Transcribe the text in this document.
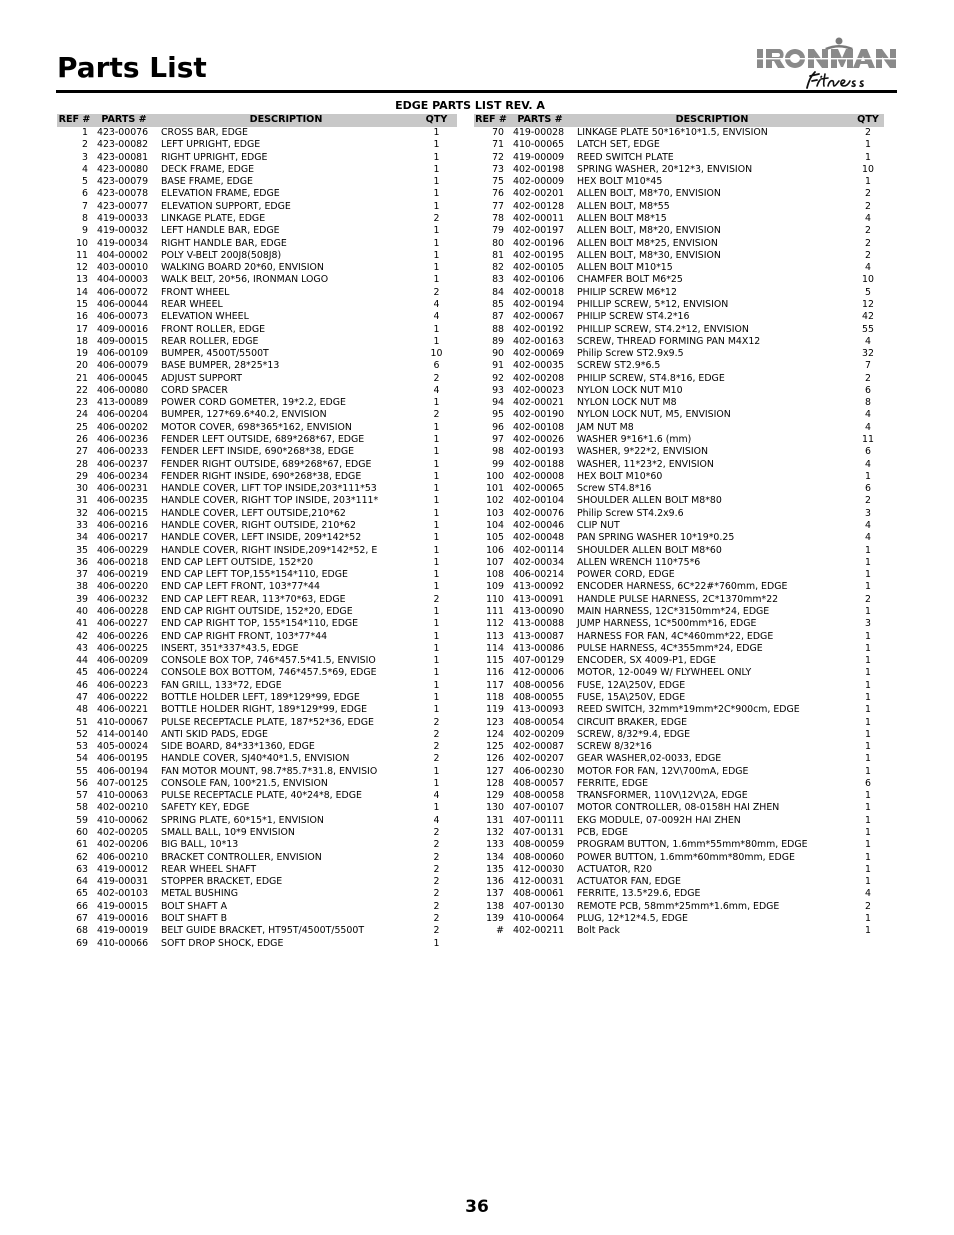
Parts List
IRONMAN Fitness
EDGE PARTS LIST REV. A
REF #	PARTS #	DESCRIPTION	QTY
1	423-00076	CROSS BAR, EDGE	1
2	423-00082	LEFT UPRIGHT, EDGE	1
3	423-00081	RIGHT UPRIGHT, EDGE	1
4	423-00080	DECK FRAME, EDGE	1
5	423-00079	BASE FRAME, EDGE	1
6	423-00078	ELEVATION FRAME, EDGE	1
7	423-00077	ELEVATION SUPPORT, EDGE	1
8	419-00033	LINKAGE PLATE, EDGE	2
9	419-00032	LEFT HANDLE BAR, EDGE	1
10	419-00034	RIGHT HANDLE BAR, EDGE	1
11	404-00002	POLY V-BELT 200J8(508J8)	1
12	403-00010	WALKING BOARD 20*60, ENVISION	1
13	404-00003	WALK BELT, 20*56, IRONMAN LOGO	1
14	406-00072	FRONT WHEEL	2
15	406-00044	REAR WHEEL	4
16	406-00073	ELEVATION WHEEL	4
17	409-00016	FRONT ROLLER, EDGE	1
18	409-00015	REAR ROLLER, EDGE	1
19	406-00109	BUMPER, 4500T/5500T	10
20	406-00079	BASE BUMPER, 28*25*13	6
21	406-00045	ADJUST SUPPORT	2
22	406-00080	CORD SPACER	4
23	413-00089	POWER CORD GOMETER, 19*2.2, EDGE	1
24	406-00204	BUMPER, 127*69.6*40.2, ENVISION	2
25	406-00202	MOTOR COVER, 698*365*162, ENVISION	1
26	406-00236	FENDER LEFT OUTSIDE, 689*268*67, EDGE	1
27	406-00233	FENDER LEFT INSIDE, 690*268*38, EDGE	1
28	406-00237	FENDER RIGHT OUTSIDE, 689*268*67, EDGE	1
29	406-00234	FENDER RIGHT INSIDE, 690*268*38, EDGE	1
30	406-00231	HANDLE COVER, LIFT TOP INSIDE,203*111*53	1
31	406-00235	HANDLE COVER, RIGHT TOP INSIDE, 203*111*	1
32	406-00215	HANDLE COVER, LEFT OUTSIDE,210*62	1
33	406-00216	HANDLE COVER, RIGHT OUTSIDE, 210*62	1
34	406-00217	HANDLE COVER, LEFT INSIDE, 209*142*52	1
35	406-00229	HANDLE COVER, RIGHT INSIDE,209*142*52, E	1
36	406-00218	END CAP LEFT OUTSIDE, 152*20	1
37	406-00219	END CAP LEFT TOP,155*154*110, EDGE	1
38	406-00220	END CAP LEFT FRONT, 103*77*44	1
39	406-00232	END CAP LEFT REAR, 113*70*63, EDGE	2
40	406-00228	END CAP RIGHT OUTSIDE, 152*20, EDGE	1
41	406-00227	END CAP RIGHT TOP, 155*154*110, EDGE	1
42	406-00226	END CAP RIGHT FRONT, 103*77*44	1
43	406-00225	INSERT, 351*337*43.5, EDGE	1
44	406-00209	CONSOLE BOX TOP, 746*457.5*41.5, ENVISIO	1
45	406-00224	CONSOLE BOX BOTTOM, 746*457.5*69, EDGE	1
46	406-00223	FAN GRILL, 133*72, EDGE	1
47	406-00222	BOTTLE HOLDER LEFT, 189*129*99, EDGE	1
48	406-00221	BOTTLE HOLDER RIGHT, 189*129*99, EDGE	1
51	410-00067	PULSE RECEPTACLE PLATE, 187*52*36, EDGE	2
52	414-00140	ANTI SKID PADS, EDGE	2
53	405-00024	SIDE BOARD, 84*33*1360, EDGE	2
54	406-00195	HANDLE COVER, SJ40*40*1.5, ENVISION	2
55	406-00194	FAN MOTOR MOUNT, 98.7*85.7*31.8, ENVISIO	1
56	407-00125	CONSOLE FAN, 100*21.5, ENVISION	1
57	410-00063	PULSE RECEPTACLE PLATE, 40*24*8, EDGE	4
58	402-00210	SAFETY KEY, EDGE	1
59	410-00062	SPRING PLATE, 60*15*1, ENVISION	4
60	402-00205	SMALL BALL, 10*9 ENVISION	2
61	402-00206	BIG BALL, 10*13	2
62	406-00210	BRACKET CONTROLLER, ENVISION	2
63	419-00012	REAR WHEEL SHAFT	2
64	419-00031	STOPPER BRACKET, EDGE	2
65	402-00103	METAL BUSHING	2
66	419-00015	BOLT SHAFT A	2
67	419-00016	BOLT SHAFT B	2
68	419-00019	BELT GUIDE BRACKET, HT95T/4500T/5500T	2
69	410-00066	SOFT DROP SHOCK, EDGE	1
REF #	PARTS #	DESCRIPTION	QTY
70	419-00028	LINKAGE PLATE 50*16*10*1.5, ENVISION	2
71	410-00065	LATCH SET, EDGE	1
72	419-00009	REED SWITCH PLATE	1
73	402-00198	SPRING WASHER, 20*12*3, ENVISION	10
75	402-00009	HEX BOLT M10*45	1
76	402-00201	ALLEN BOLT, M8*70, ENVISION	2
77	402-00128	ALLEN BOLT, M8*55	2
78	402-00011	ALLEN BOLT M8*15	4
79	402-00197	ALLEN BOLT, M8*20, ENVISION	2
80	402-00196	ALLEN BOLT M8*25, ENVISION	2
81	402-00195	ALLEN BOLT, M8*30, ENVISION	2
82	402-00105	ALLEN BOLT M10*15	4
83	402-00106	CHAMFER BOLT M6*25	10
84	402-00018	PHILIP SCREW M6*12	5
85	402-00194	PHILLIP SCREW, 5*12, ENVISION	12
87	402-00067	PHILIP SCREW ST4.2*16	42
88	402-00192	PHILLIP SCREW, ST4.2*12, ENVISION	55
89	402-00163	SCREW, THREAD FORMING PAN M4X12	4
90	402-00069	Philip Screw ST2.9x9.5	32
91	402-00035	SCREW ST2.9*6.5	7
92	402-00208	PHILIP SCREW, ST4.8*16, EDGE	2
93	402-00023	NYLON LOCK NUT M10	6
94	402-00021	NYLON LOCK NUT M8	8
95	402-00190	NYLON LOCK NUT, M5, ENVISION	4
96	402-00108	JAM NUT M8	4
97	402-00026	WASHER 9*16*1.6 (mm)	11
98	402-00193	WASHER, 9*22*2, ENVISION	6
99	402-00188	WASHER, 11*23*2, ENVISION	4
100	402-00008	HEX BOLT M10*60	1
101	402-00065	Screw ST4.8*16	6
102	402-00104	SHOULDER ALLEN BOLT M8*80	2
103	402-00076	Philip Screw ST4.2x9.6	3
104	402-00046	CLIP NUT	4
105	402-00048	PAN SPRING WASHER 10*19*0.25	4
106	402-00114	SHOULDER ALLEN BOLT M8*60	1
107	402-00034	ALLEN WRENCH 110*75*6	1
108	406-00214	POWER CORD, EDGE	1
109	413-00092	ENCODER HARNESS, 6C*22#*760mm, EDGE	1
110	413-00091	HANDLE PULSE HARNESS, 2C*1370mm*22	2
111	413-00090	MAIN HARNESS, 12C*3150mm*24, EDGE	1
112	413-00088	JUMP HARNESS, 1C*500mm*16, EDGE	3
113	413-00087	HARNESS FOR FAN, 4C*460mm*22, EDGE	1
114	413-00086	PULSE HARNESS, 4C*355mm*24, EDGE	1
115	407-00129	ENCODER, SX 4009-P1, EDGE	1
116	412-00006	MOTOR, 12-0049 W/ FLYWHEEL ONLY	1
117	408-00056	FUSE, 12A\250V, EDGE	1
118	408-00055	FUSE, 15A\250V, EDGE	1
119	413-00093	REED SWITCH, 32mm*19mm*2C*900cm, EDGE	1
123	408-00054	CIRCUIT BRAKER, EDGE	1
124	402-00209	SCREW, 8/32*9.4, EDGE	1
125	402-00087	SCREW 8/32*16	1
126	402-00207	GEAR WASHER,02-0033, EDGE	1
127	406-00230	MOTOR FOR FAN, 12V\700mA, EDGE	1
128	408-00057	FERRITE, EDGE	6
129	408-00058	TRANSFORMER, 110V\12V\2A, EDGE	1
130	407-00107	MOTOR CONTROLLER, 08-0158H HAI ZHEN	1
131	407-00111	EKG MODULE, 07-0092H HAI ZHEN	1
132	407-00131	PCB, EDGE	1
133	408-00059	PROGRAM BUTTON, 1.6mm*55mm*80mm, EDGE	1
134	408-00060	POWER BUTTON, 1.6mm*60mm*80mm, EDGE	1
135	412-00030	ACTUATOR, R20	1
136	412-00031	ACTUATOR FAN, EDGE	1
137	408-00061	FERRITE, 13.5*29.6, EDGE	4
138	407-00130	REMOTE PCB, 58mm*25mm*1.6mm, EDGE	2
139	410-00064	PLUG, 12*12*4.5, EDGE	1
#	402-00211	Bolt Pack	1
36
